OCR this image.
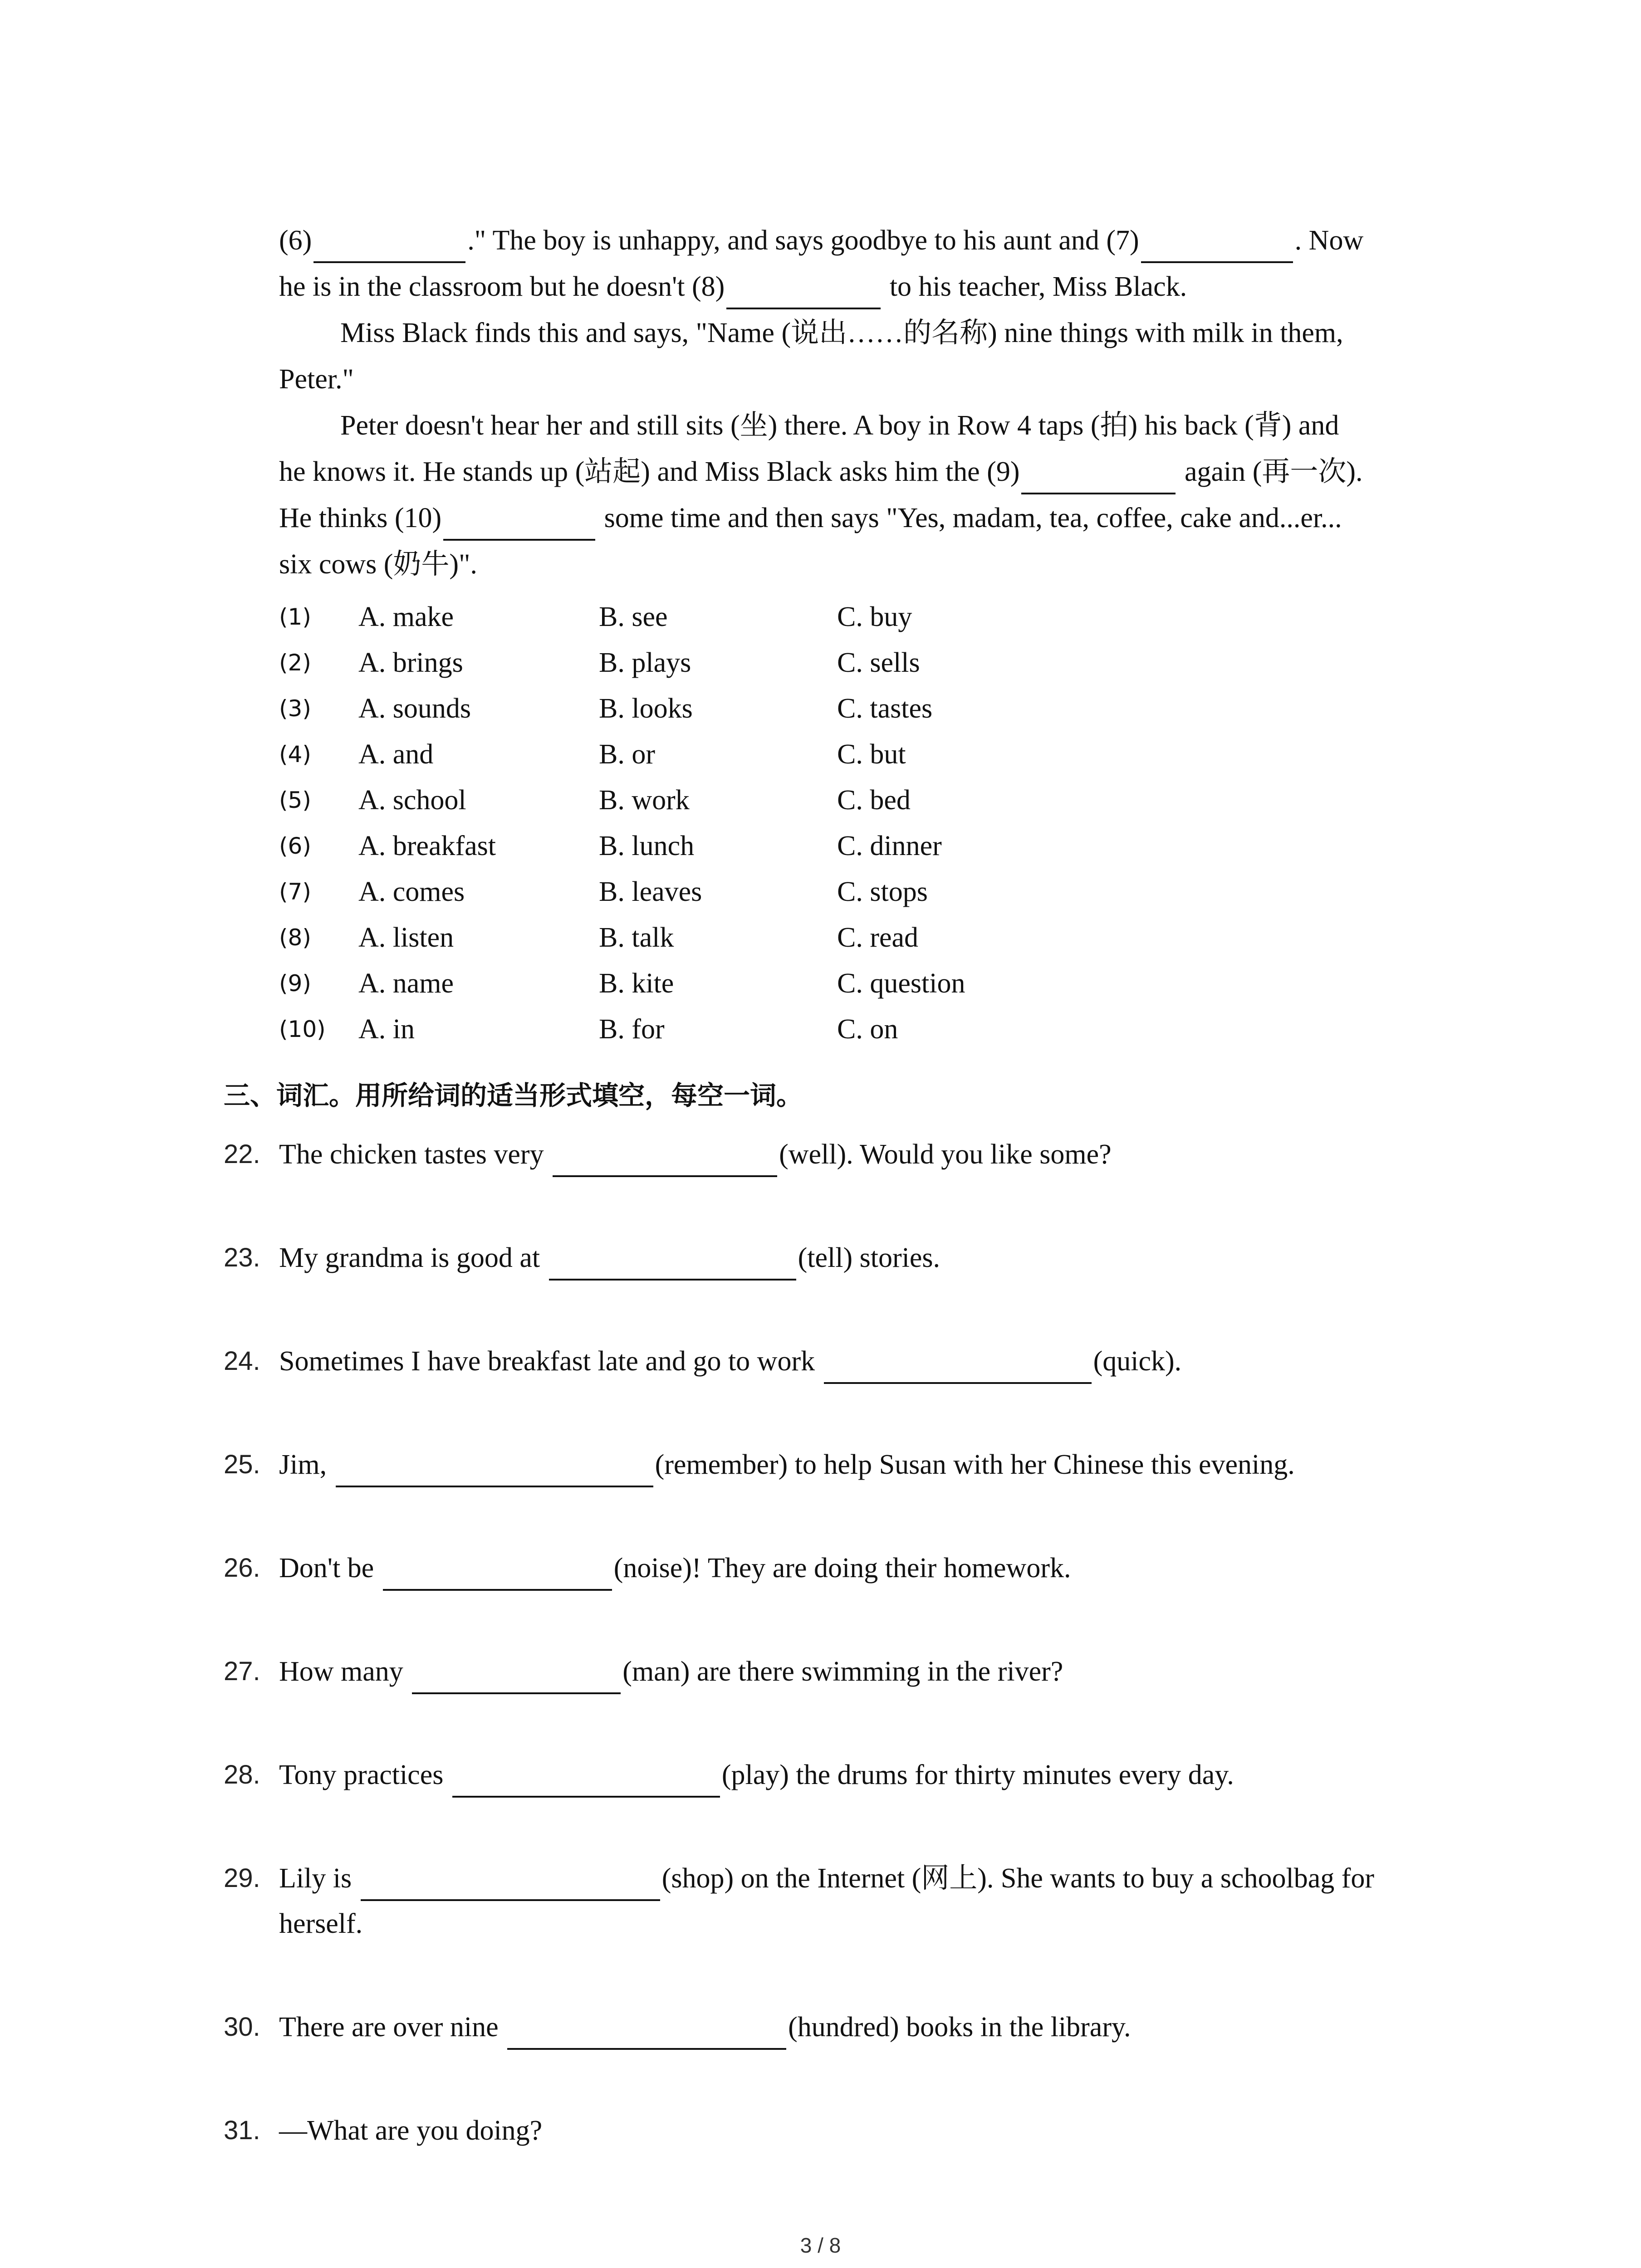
(6)	." The boy is unhappy, and says goodbye to his aunt and (7)	. Now
he is in the classroom but he doesn't (8)	to his teacher, Miss Black.
Miss Black finds this and says, "Name (说出……的名称) nine things with milk in them,
Peter."
Peter doesn't hear her and still sits (坐) there. A boy in Row 4 taps (拍) his back (背) and
he knows it. He stands up (站起) and Miss Black asks him the (9)	again (再一次).
He thinks (10)	some time and then says "Yes, madam, tea, coffee, cake and...er...
six cows (奶牛)".
(1) A. make	B. see	C. buy
(2) A. brings	B. plays	C. sells
(3) A. sounds	B. looks	C. tastes
(4) A. and	B. or	C. but
(5) A. school	B. work	C. bed
(6) A. breakfast	B. lunch	C. dinner
(7) A. comes	B. leaves	C. stops
(8) A. listen	B. talk	C. read
(9) A. name	B. kite	C. question
(10) A. in	B. for	C. on
三、词汇。用所给词的适当形式填空，每空一词。
22. The chicken tastes very	(well). Would you like some?
23. My grandma is good at	(tell) stories.
24. Sometimes I have breakfast late and go to work	(quick).
25. Jim,	(remember) to help Susan with her Chinese this evening.
26. Don't be	(noise)! They are doing their homework.
27. How many	(man) are there swimming in the river?
28. Tony practices	(play) the drums for thirty minutes every day.
29. Lily is	(shop) on the Internet (网上). She wants to buy a schoolbag for
herself.
30. There are over nine	(hundred) books in the library.
31. —What are you doing?
3 / 8
